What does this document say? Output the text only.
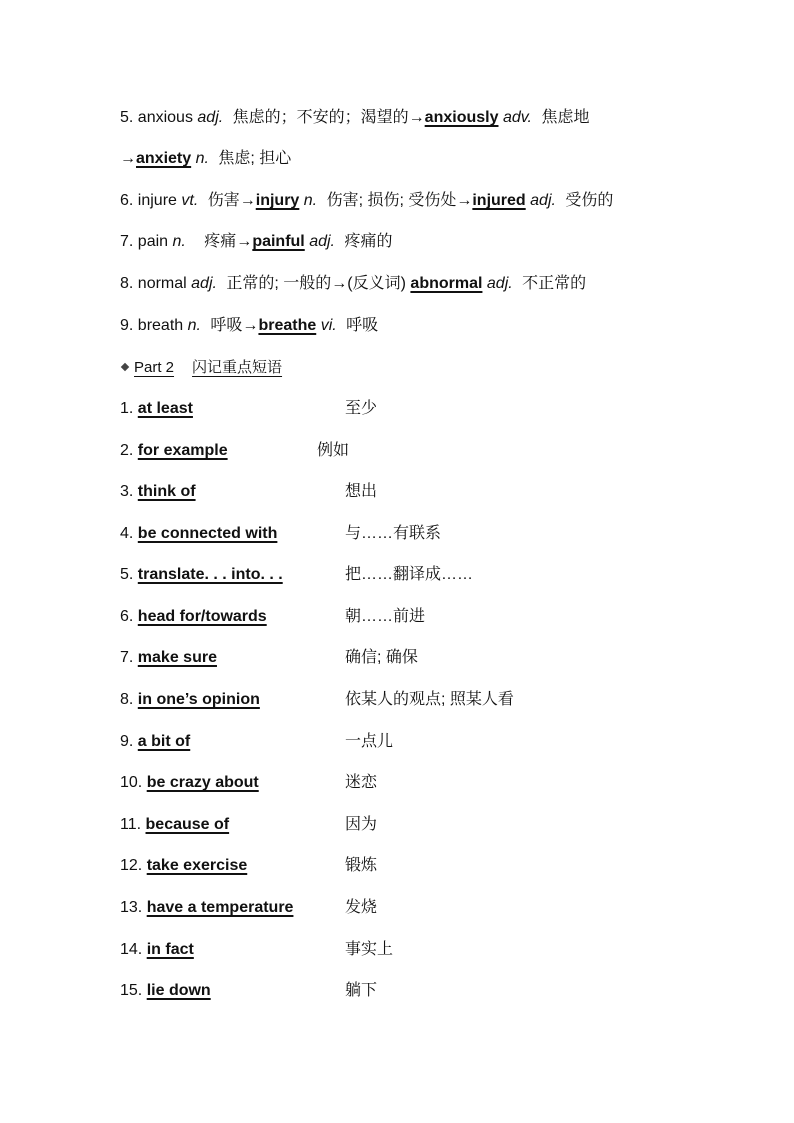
5. anxious adj. 焦虑的；不安的；渴望的→anxiously adv. 焦虑地
→anxiety n. 焦虑; 担心
6. injure vt. 伤害→injury n. 伤害; 损伤; 受伤处→injured adj. 受伤的
7. pain n. 疼痛→painful adj. 疼痛的
8. normal adj. 正常的; 一般的→(反义词) abnormal adj. 不正常的
9. breath n. 呼吸→breathe vi. 呼吸
Part 2 闪记重点短语
1. at least	至少
2. for example	例如
3. think of	想出
4. be connected with	与……有联系
5. translate. . . into. . .	把……翻译成……
6. head for/towards	朝……前进
7. make sure	确信; 确保
8. in one’s opinion	依某人的观点; 照某人看
9. a bit of	一点儿
10. be crazy about	迷恋
11. because of	因为
12. take exercise	锻炼
13. have a temperature	发烧
14. in fact	事实上
15. lie down	躺下
